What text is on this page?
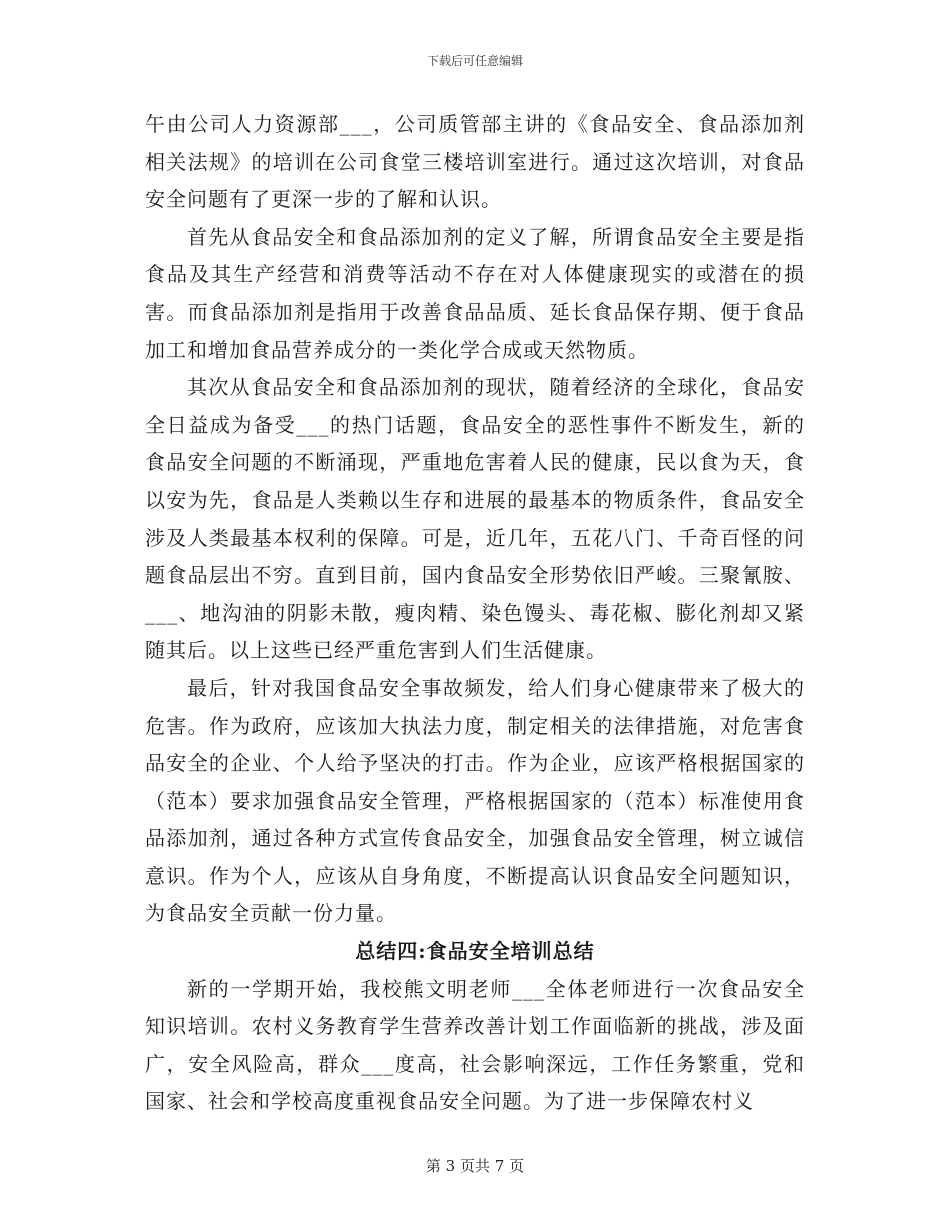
下载后可任意编辑

午由公司人力资源部___，公司质管部主讲的《食品安全、食品添加剂相关法规》的培训在公司食堂三楼培训室进行。通过这次培训，对食品安全问题有了更深一步的了解和认识。

首先从食品安全和食品添加剂的定义了解，所谓食品安全主要是指食品及其生产经营和消费等活动不存在对人体健康现实的或潜在的损害。而食品添加剂是指用于改善食品品质、延长食品保存期、便于食品加工和增加食品营养成分的一类化学合成或天然物质。

其次从食品安全和食品添加剂的现状，随着经济的全球化，食品安全日益成为备受___的热门话题，食品安全的恶性事件不断发生，新的食品安全问题的不断涌现，严重地危害着人民的健康，民以食为天，食以安为先，食品是人类赖以生存和进展的最基本的物质条件，食品安全涉及人类最基本权利的保障。可是，近几年，五花八门、千奇百怪的问题食品层出不穷。直到目前，国内食品安全形势依旧严峻。三聚氰胺、___、地沟油的阴影未散，瘦肉精、染色馒头、毒花椒、膨化剂却又紧随其后。以上这些已经严重危害到人们生活健康。

最后，针对我国食品安全事故频发，给人们身心健康带来了极大的危害。作为政府，应该加大执法力度，制定相关的法律措施，对危害食品安全的企业、个人给予坚决的打击。作为企业，应该严格根据国家的（范本）要求加强食品安全管理，严格根据国家的（范本）标准使用食品添加剂，通过各种方式宣传食品安全，加强食品安全管理，树立诚信意识。作为个人，应该从自身角度，不断提高认识食品安全问题知识，为食品安全贡献一份力量。

总结四:食品安全培训总结

新的一学期开始，我校熊文明老师___全体老师进行一次食品安全知识培训。农村义务教育学生营养改善计划工作面临新的挑战，涉及面广，安全风险高，群众___度高，社会影响深远，工作任务繁重，党和国家、社会和学校高度重视食品安全问题。为了进一步保障农村义

第 3 页共 7 页
